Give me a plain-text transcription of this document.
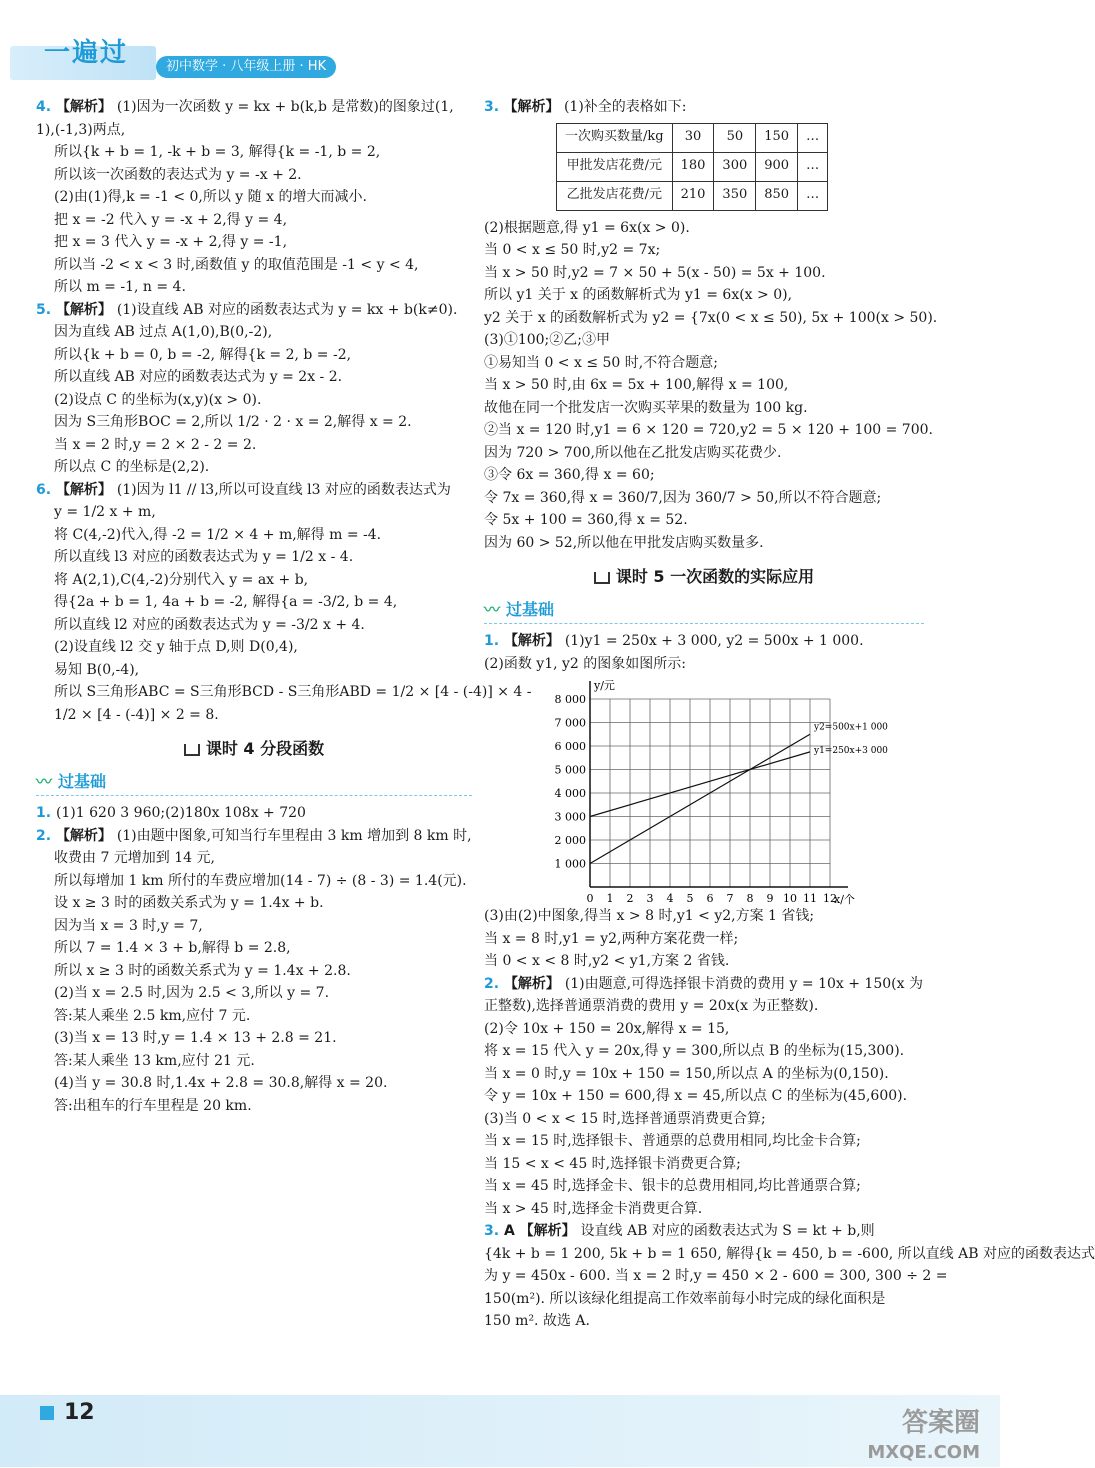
一遍过	初中数学 · 八年级上册 · HK

4. 【解析】 (1)因为一次函数 y = kx + b(k,b 是常数)的图象过(1,

1),(-1,3)两点,

所以{k + b = 1, -k + b = 3, 解得{k = -1, b = 2,

所以该一次函数的表达式为 y = -x + 2.

(2)由(1)得,k = -1 < 0,所以 y 随 x 的增大而减小.

把 x = -2 代入 y = -x + 2,得 y = 4,

把 x = 3 代入 y = -x + 2,得 y = -1,

所以当 -2 < x < 3 时,函数值 y 的取值范围是 -1 < y < 4,

所以 m = -1, n = 4.

5. 【解析】 (1)设直线 AB 对应的函数表达式为 y = kx + b(k≠0).

因为直线 AB 过点 A(1,0),B(0,-2),

所以{k + b = 0, b = -2, 解得{k = 2, b = -2,

所以直线 AB 对应的函数表达式为 y = 2x - 2.

(2)设点 C 的坐标为(x,y)(x > 0).

因为 S三角形BOC = 2,所以 1/2 · 2 · x = 2,解得 x = 2.

当 x = 2 时,y = 2 × 2 - 2 = 2.

所以点 C 的坐标是(2,2).

6. 【解析】 (1)因为 l1 // l3,所以可设直线 l3 对应的函数表达式为

y = 1/2 x + m,

将 C(4,-2)代入,得 -2 = 1/2 × 4 + m,解得 m = -4.

所以直线 l3 对应的函数表达式为 y = 1/2 x - 4.

将 A(2,1),C(4,-2)分别代入 y = ax + b,

得{2a + b = 1, 4a + b = -2, 解得{a = -3/2, b = 4,

所以直线 l2 对应的函数表达式为 y = -3/2 x + 4.

(2)设直线 l2 交 y 轴于点 D,则 D(0,4),

易知 B(0,-4),

所以 S三角形ABC = S三角形BCD - S三角形ABD = 1/2 × [4 - (-4)] × 4 -

1/2 × [4 - (-4)] × 2 = 8.

课时 4 分段函数
〰 过基础

1. (1)1 620 3 960;(2)180x 108x + 720

2. 【解析】 (1)由题中图象,可知当行车里程由 3 km 增加到 8 km 时,

收费由 7 元增加到 14 元,

所以每增加 1 km 所付的车费应增加(14 - 7) ÷ (8 - 3) = 1.4(元).

设 x ≥ 3 时的函数关系式为 y = 1.4x + b.

因为当 x = 3 时,y = 7,

所以 7 = 1.4 × 3 + b,解得 b = 2.8,

所以 x ≥ 3 时的函数关系式为 y = 1.4x + 2.8.

(2)当 x = 2.5 时,因为 2.5 < 3,所以 y = 7.

答:某人乘坐 2.5 km,应付 7 元.

(3)当 x = 13 时,y = 1.4 × 13 + 2.8 = 21.

答:某人乘坐 13 km,应付 21 元.

(4)当 y = 30.8 时,1.4x + 2.8 = 30.8,解得 x = 20.

答:出租车的行车里程是 20 km.

3. 【解析】 (1)补全的表格如下:

一次购买数量/kg	30	50	150	…
甲批发店花费/元	180	300	900	…
乙批发店花费/元	210	350	850	…

(2)根据题意,得 y1 = 6x(x > 0).

当 0 < x ≤ 50 时,y2 = 7x;

当 x > 50 时,y2 = 7 × 50 + 5(x - 50) = 5x + 100.

所以 y1 关于 x 的函数解析式为 y1 = 6x(x > 0),

y2 关于 x 的函数解析式为 y2 = {7x(0 < x ≤ 50), 5x + 100(x > 50).

(3)①100;②乙;③甲

①易知当 0 < x ≤ 50 时,不符合题意;

当 x > 50 时,由 6x = 5x + 100,解得 x = 100,

故他在同一个批发店一次购买苹果的数量为 100 kg.

②当 x = 120 时,y1 = 6 × 120 = 720,y2 = 5 × 120 + 100 = 700.

因为 720 > 700,所以他在乙批发店购买花费少.

③令 6x = 360,得 x = 60;

令 7x = 360,得 x = 360/7,因为 360/7 > 50,所以不符合题意;

令 5x + 100 = 360,得 x = 52.

因为 60 > 52,所以他在甲批发店购买数量多.

课时 5 一次函数的实际应用
〰 过基础

1. 【解析】 (1)y1 = 250x + 3 000, y2 = 500x + 1 000.

(2)函数 y1, y2 的图象如图所示:

y/元
x/个
8 000
7 000
6 000
5 000
4 000
3 000
2 000
1 000
0 1 2 3 4 5 6 7 8 9 10 11 12
y2=500x+1 000
y1=250x+3 000

(3)由(2)中图象,得当 x > 8 时,y1 < y2,方案 1 省钱;

当 x = 8 时,y1 = y2,两种方案花费一样;

当 0 < x < 8 时,y2 < y1,方案 2 省钱.

2. 【解析】 (1)由题意,可得选择银卡消费的费用 y = 10x + 150(x 为

正整数),选择普通票消费的费用 y = 20x(x 为正整数).

(2)令 10x + 150 = 20x,解得 x = 15,

将 x = 15 代入 y = 20x,得 y = 300,所以点 B 的坐标为(15,300).

当 x = 0 时,y = 10x + 150 = 150,所以点 A 的坐标为(0,150).

令 y = 10x + 150 = 600,得 x = 45,所以点 C 的坐标为(45,600).

(3)当 0 < x < 15 时,选择普通票消费更合算;

当 x = 15 时,选择银卡、普通票的总费用相同,均比金卡合算;

当 15 < x < 45 时,选择银卡消费更合算;

当 x = 45 时,选择金卡、银卡的总费用相同,均比普通票合算;

当 x > 45 时,选择金卡消费更合算.

3. A 【解析】 设直线 AB 对应的函数表达式为 S = kt + b,则

{4k + b = 1 200, 5k + b = 1 650, 解得{k = 450, b = -600, 所以直线 AB 对应的函数表达式

为 y = 450x - 600. 当 x = 2 时,y = 450 × 2 - 600 = 300, 300 ÷ 2 =

150(m²). 所以该绿化组提高工作效率前每小时完成的绿化面积是

150 m². 故选 A.

12	答案圈
MXQE.COM
